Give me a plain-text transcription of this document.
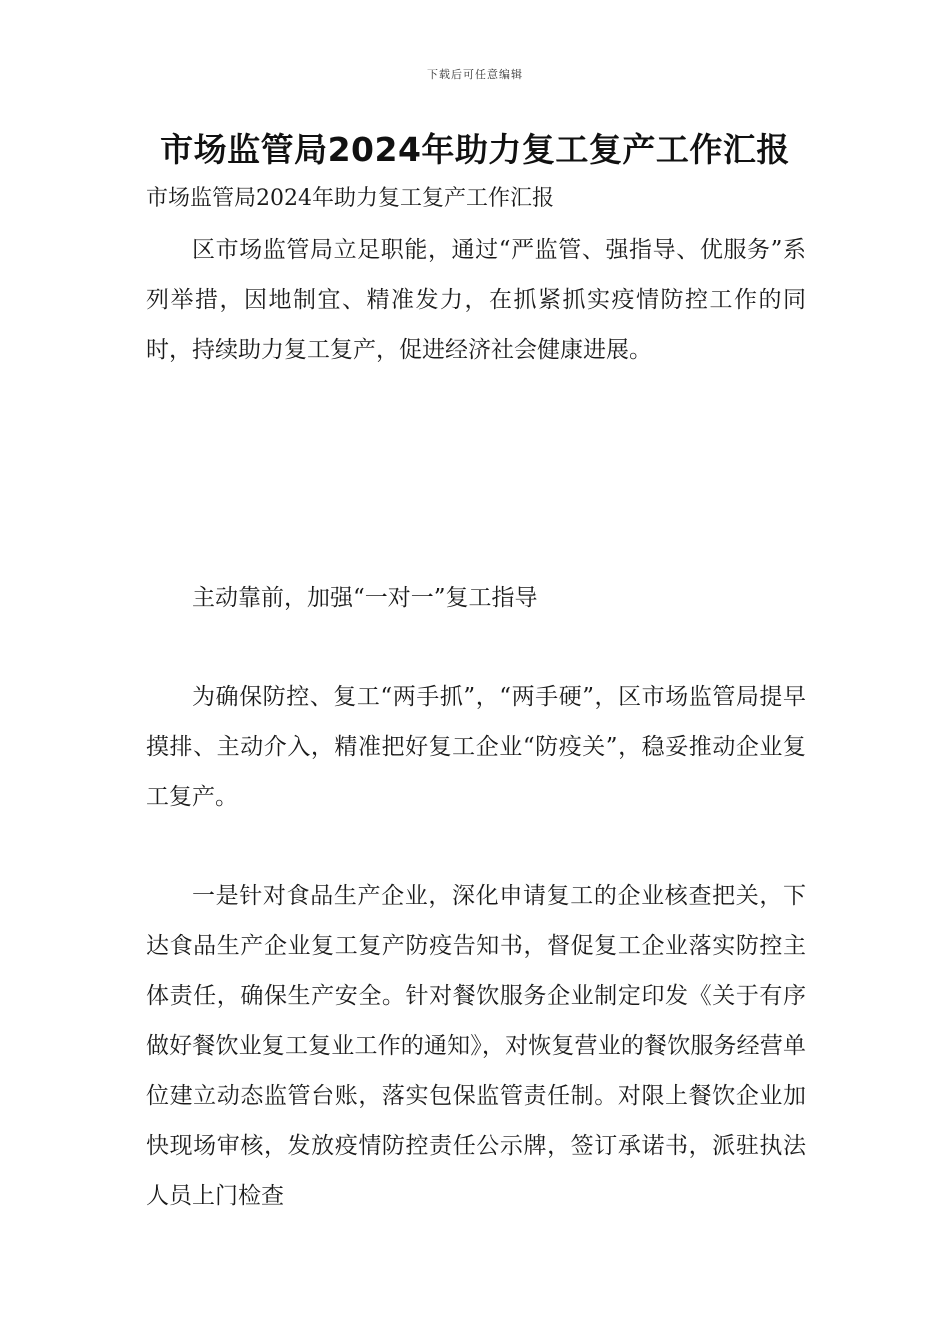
下载后可任意编辑
市场监管局2024年助力复工复产工作汇报
市场监管局2024年助力复工复产工作汇报

区市场监管局立足职能，通过“严监管、强指导、优服务”系列举措，因地制宜、精准发力，在抓紧抓实疫情防控工作的同时，持续助力复工复产，促进经济社会健康进展。

主动靠前，加强“一对一”复工指导

为确保防控、复工“两手抓”，“两手硬”，区市场监管局提早摸排、主动介入，精准把好复工企业“防疫关”，稳妥推动企业复工复产。

一是针对食品生产企业，深化申请复工的企业核查把关，下达食品生产企业复工复产防疫告知书，督促复工企业落实防控主体责任，确保生产安全。针对餐饮服务企业制定印发《关于有序做好餐饮业复工复业工作的通知》，对恢复营业的餐饮服务经营单位建立动态监管台账，落实包保监管责任制。对限上餐饮企业加快现场审核，发放疫情防控责任公示牌，签订承诺书，派驻执法人员上门检查
